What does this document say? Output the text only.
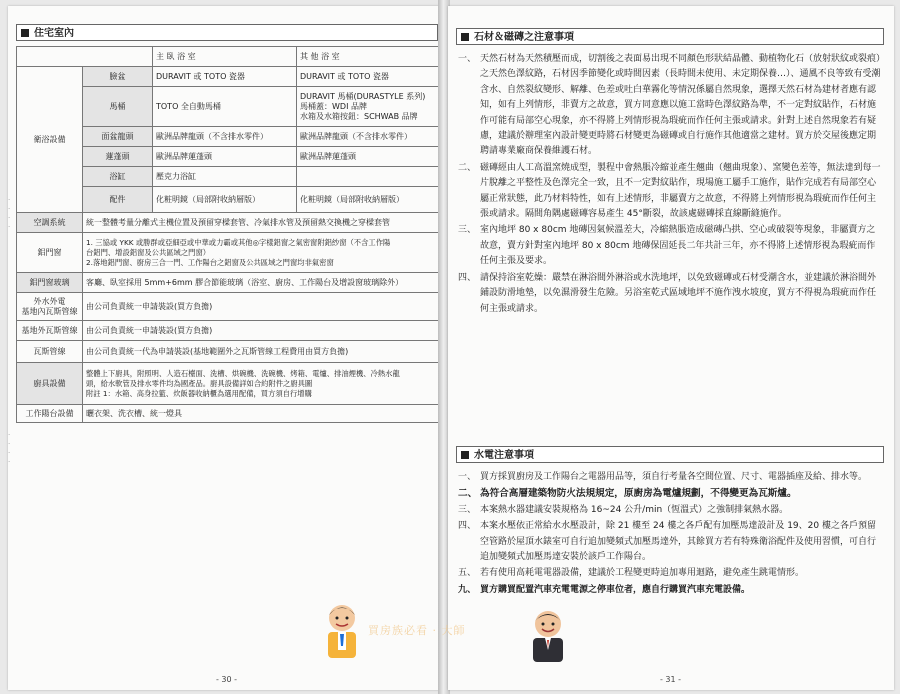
住宅室內
		主 臥 浴 室	其 他 浴 室
衛浴設備	臉盆	DURAVIT 或 TOTO 瓷器	DURAVIT 或 TOTO 瓷器
	馬桶	TOTO 全自動馬桶	DURAVIT 馬桶(DURASTYLE 系列)
馬桶蓋：WDI 品牌
水箱及水箱按鈕：SCHWAB 品牌
	面盆龍頭	歐洲品牌龍頭（不含排水零件）	歐洲品牌龍頭（不含排水零件）
	蓮蓬頭	歐洲品牌蓮蓬頭	歐洲品牌蓮蓬頭
	浴缸	壓克力浴缸	
	配件	化粧明鏡（局部附收納層版）	化粧明鏡（局部附收納層版）
空調系統	統一整體考量分離式主機位置及預留穿樑套管、冷氣排水管及預留熱交換機之穿樑套管		
鋁門窗	1. 三協或 YKK 或勝群或亞細亞或中華或力霸或其他◎字樣鋁窗之氣密窗附鋁紗窗（不含工作陽
台鋁門、增設鋁窗及公共區域之門窗）
2.落地鋁門窗、廚房三合一門、工作陽台之鋁窗及公共區域之門窗均非氣密窗		
鋁門窗玻璃	客廳、臥室採用 5mm+6mm 膠合節能玻璃（浴室、廚房、工作陽台及增設窗玻璃除外）		
外水外電
基地內瓦斯管線	由公司負責統一申請裝設(買方負擔)		
基地外瓦斯管線	由公司負責統一申請裝設(買方負擔)		
瓦斯管線	由公司負責統一代為申請裝設(基地範圍外之瓦斯管線工程費用由買方負擔)		
廚具設備	整體上下廚具，附照明、人造石檯面、洗槽、烘碗機、洗碗機、烤箱、電爐、排油煙機、冷熱水龍
頭，給水軟管及排水零件均為國產品。廚具設備詳如合約附件之廚具圖
附註 1：水箱、高身拉籃、炊飯器收納櫃為選用配備，買方須自行增購		
工作陽台設備	曬衣架、洗衣槽、統一燈具		
- 30 -
·
·
·
·
·
·
·
·
石材＆磁磚之注意事項
一、 天然石材為天然積壓而成，切割後之表面易出現不同顏色形狀結晶體、動植物化石（放射狀紋或裂痕）之天然色澤紋路，石材因季節變化或時間因素（長時間未使用、未定期保養…）、通風不良等致有受潮含水、自然裂紋變形、解離、色差或吐白華霧化等情況係屬自然現象，選擇天然石材為建材者應有認知，如有上列情形，非賣方之故意，買方同意應以施工當時色澤紋路為準，不一定對紋貼作，石材施作可能有局部空心現象，亦不得將上列情形視為瑕疵而作任何主張或請求。針對上述自然現象若有疑慮，建議於辦理室內設計變更時將石材變更為磁磚或自行施作其他適當之建材。買方於交屋後應定期聘請專業廠商保養維護石材。
二、 磁磚經由人工高溫窯燒成型，製程中會熱脹冷縮並產生翹曲（翹曲現象）、窯變色差等，無法達到每一片脫離之平整性及色澤完全一致，且不一定對紋貼作，現場施工屬手工施作，貼作完成若有局部空心屬正常狀態，此乃材料特性，如有上述情形，非屬賣方之故意，不得將上列情形視為瑕疵而作任何主張或請求。隔間角隅處磁磚容易產生 45°斷裂，故該處磁磚採直線斷縫施作。
三、 室內地坪 80 x 80cm 地磚因氣候溫差大，冷縮熱脹造成磁磚凸拱、空心或破裂等現象，非屬賣方之故意，賣方針對室內地坪 80 x 80cm 地磚保固延長二年共計三年，亦不得將上述情形視為瑕疵而作任何主張及要求。
四、 請保持浴室乾燥：嚴禁在淋浴間外淋浴或水洗地坪，以免致磁磚或石材受潮含水，並建議於淋浴間外鋪設防滑地墊，以免濕滑發生危險。另浴室乾式區域地坪不施作洩水坡度，買方不得視為瑕疵而作任何主張或請求。
水電注意事項
一、 買方採買廚房及工作陽台之電器用品等，須自行考量各空間位置、尺寸、電器插座及給、排水等。
二、 為符合高層建築物防火法規規定，原廚房為電爐規劃，不得變更為瓦斯爐。
三、 本案熱水器建議安裝規格為 16~24 公升/min（恆溫式）之強制排氣熱水器。
四、 本案水壓依正常給水水壓設計，除 21 樓至 24 樓之各戶配有加壓馬達設計及 19、20 樓之各戶預留空管路於屋頂水錶室可自行追加變頻式加壓馬達外，其餘買方若有特殊衛浴配件及使用習慣，可自行追加變頻式加壓馬達安裝於該戶工作陽台。
五、 若有使用高耗電電器設備，建議於工程變更時追加專用迴路，避免產生跳電情形。
九、 買方購買配置汽車充電電源之停車位者，應自行購買汽車充電設備。
- 31 -
買房族必看 · 大師
